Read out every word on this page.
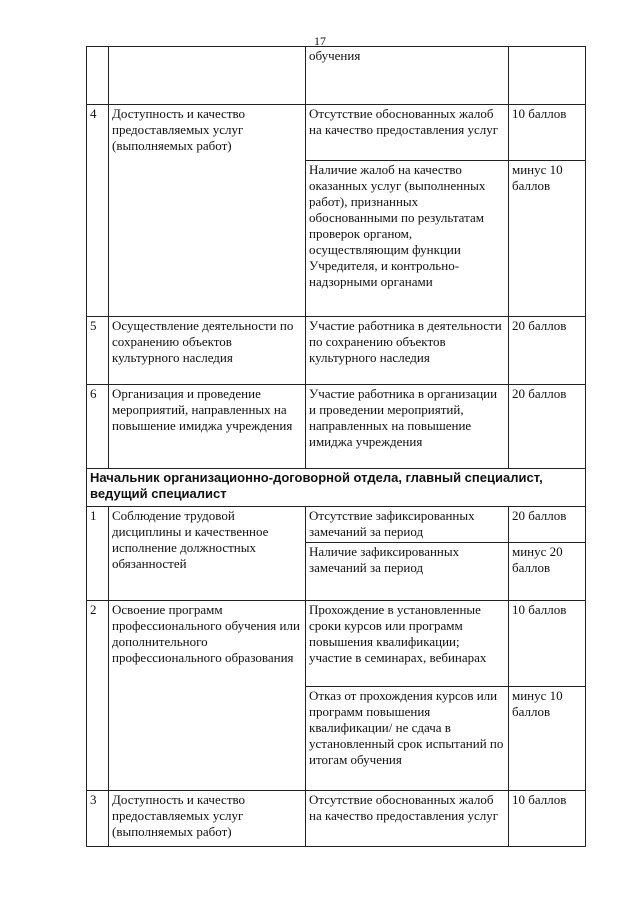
17
		обучения	
4	Доступность и качество предоставляемых услуг (выполняемых работ)	Отсутствие обоснованных жалоб на качество предоставления услуг	10 баллов
		Наличие жалоб на качество оказанных услуг (выполненных работ), признанных обоснованными по результатам проверок органом, осуществляющим функции Учредителя, и контрольно-надзорными органами	минус 10 баллов
5	Осуществление деятельности по сохранению объектов культурного наследия	Участие работника в деятельности по сохранению объектов культурного наследия	20 баллов
6	Организация и проведение мероприятий, направленных на повышение имиджа учреждения	Участие работника в организации и проведении мероприятий, направленных на повышение имиджа учреждения	20 баллов
Начальник организационно-договорной отдела, главный специалист, ведущий специалист			
1	Соблюдение трудовой дисциплины и качественное исполнение должностных обязанностей	Отсутствие зафиксированных замечаний за период	20 баллов
		Наличие зафиксированных замечаний за период	минус 20 баллов
2	Освоение программ профессионального обучения или дополнительного профессионального образования	Прохождение в установленные сроки курсов или программ повышения квалификации; участие в семинарах, вебинарах	10 баллов
		Отказ от прохождения курсов или программ повышения квалификации/ не сдача в установленный срок испытаний по итогам обучения	минус 10 баллов
3	Доступность и качество предоставляемых услуг (выполняемых работ)	Отсутствие обоснованных жалоб на качество предоставления услуг	10 баллов
